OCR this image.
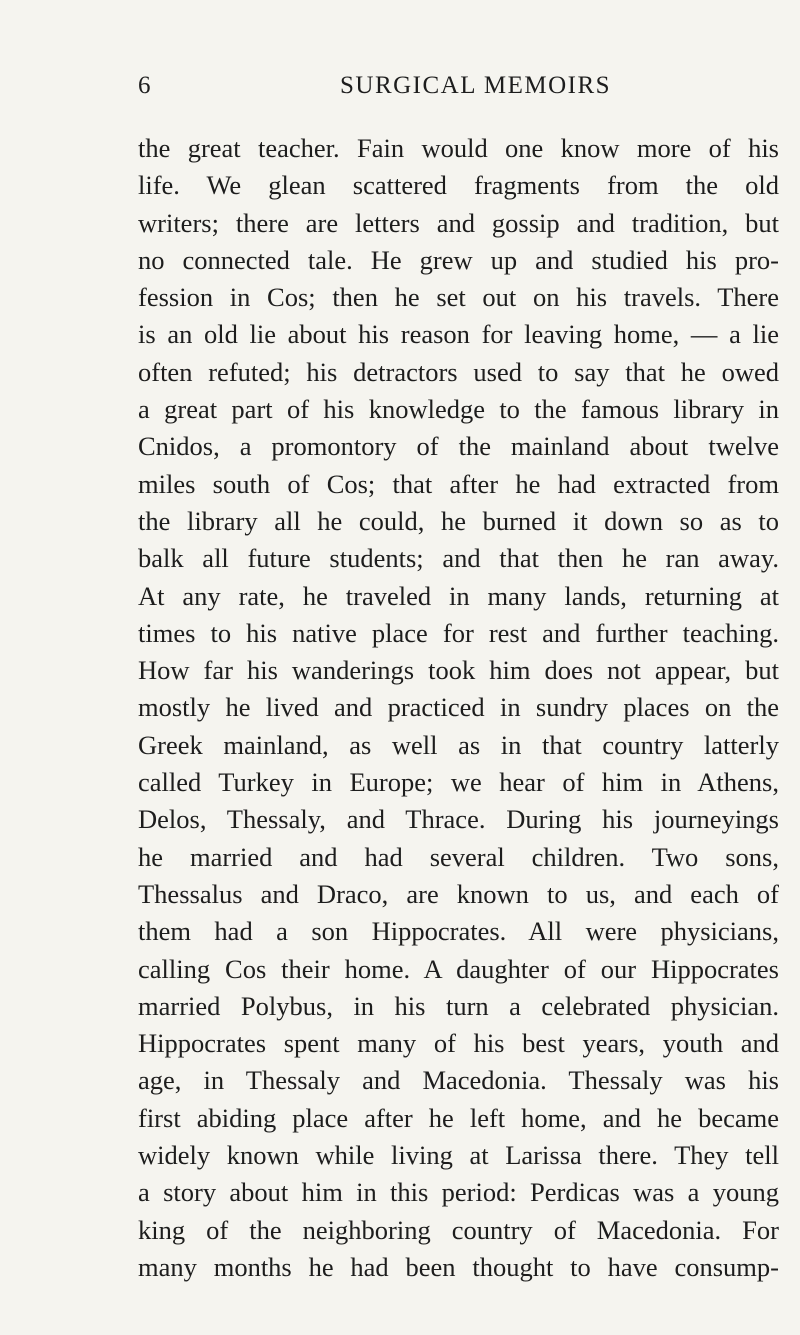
6	SURGICAL MEMOIRS
the great teacher. Fain would one know more of his
life. We glean scattered fragments from the old
writers; there are letters and gossip and tradition, but
no connected tale. He grew up and studied his pro-
fession in Cos; then he set out on his travels. There
is an old lie about his reason for leaving home, — a lie
often refuted; his detractors used to say that he owed
a great part of his knowledge to the famous library in
Cnidos, a promontory of the mainland about twelve
miles south of Cos; that after he had extracted from
the library all he could, he burned it down so as to
balk all future students; and that then he ran away.
At any rate, he traveled in many lands, returning at
times to his native place for rest and further teaching.
How far his wanderings took him does not appear, but
mostly he lived and practiced in sundry places on the
Greek mainland, as well as in that country latterly
called Turkey in Europe; we hear of him in Athens,
Delos, Thessaly, and Thrace. During his journeyings
he married and had several children. Two sons,
Thessalus and Draco, are known to us, and each of
them had a son Hippocrates. All were physicians,
calling Cos their home. A daughter of our Hippocrates
married Polybus, in his turn a celebrated physician.
Hippocrates spent many of his best years, youth and
age, in Thessaly and Macedonia. Thessaly was his
first abiding place after he left home, and he became
widely known while living at Larissa there. They tell
a story about him in this period: Perdicas was a young
king of the neighboring country of Macedonia. For
many months he had been thought to have consump-
